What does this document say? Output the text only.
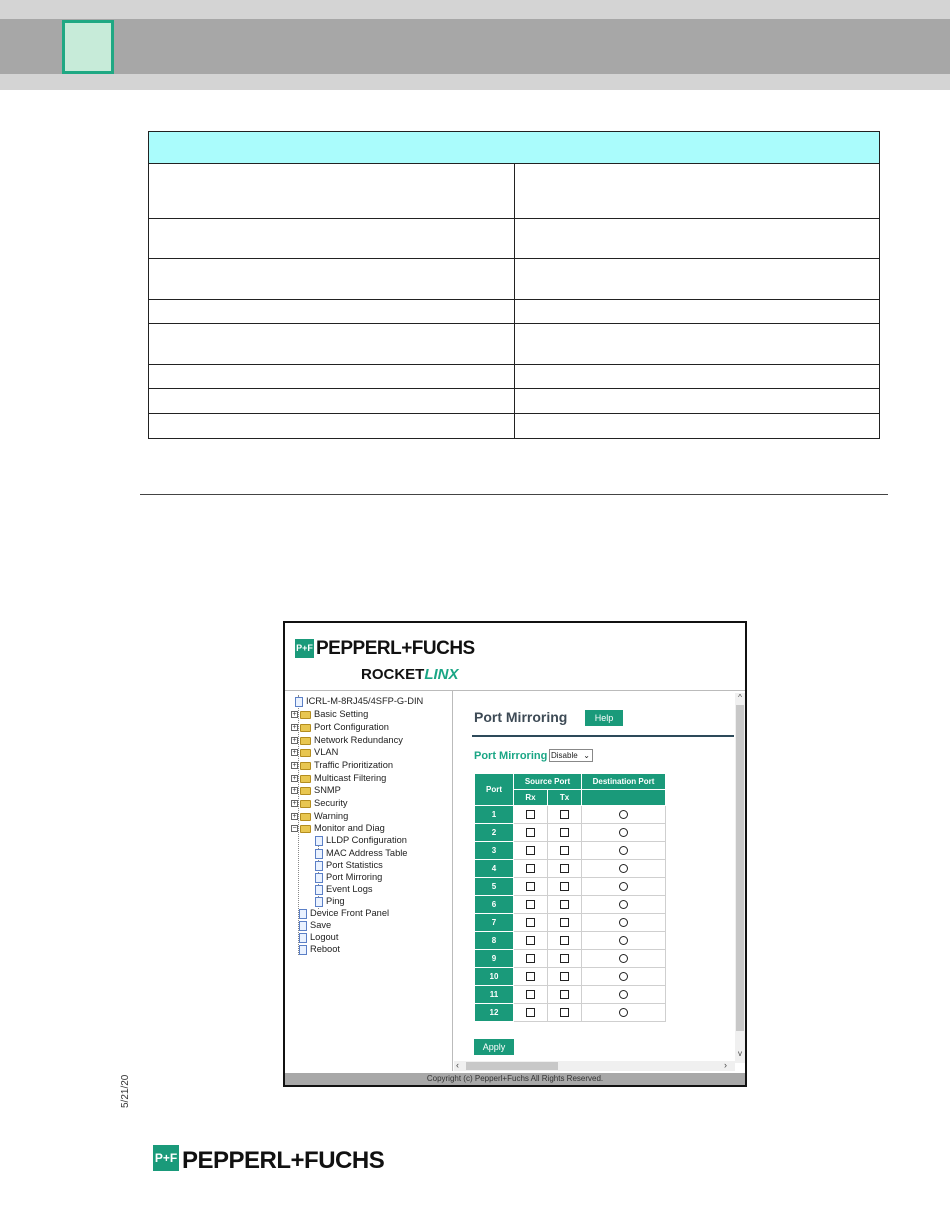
P+F PEPPERL+FUCHS
ROCKETLINX
ICRL-M-8RJ45/4SFP-G-DIN
+ Basic Setting
+ Port Configuration
+ Network Redundancy
+ VLAN
+ Traffic Prioritization
+ Multicast Filtering
+ SNMP
+ Security
+ Warning
− Monitor and Diag
LLDP Configuration
MAC Address Table
Port Statistics
Port Mirroring
Event Logs
Ping
Device Front Panel
Save
Logout
Reboot
Port Mirroring	Help
Port Mirroring Disable ⌄
Port	Source Port		Destination Port
	Rx	Tx	
1			
2			
3			
4			
5			
6			
7			
8			
9			
10			
11			
12			
Apply
^
v
‹	›
Copyright (c) Pepperl+Fuchs All Rights Reserved.
5/21/20
P+F PEPPERL+FUCHS
